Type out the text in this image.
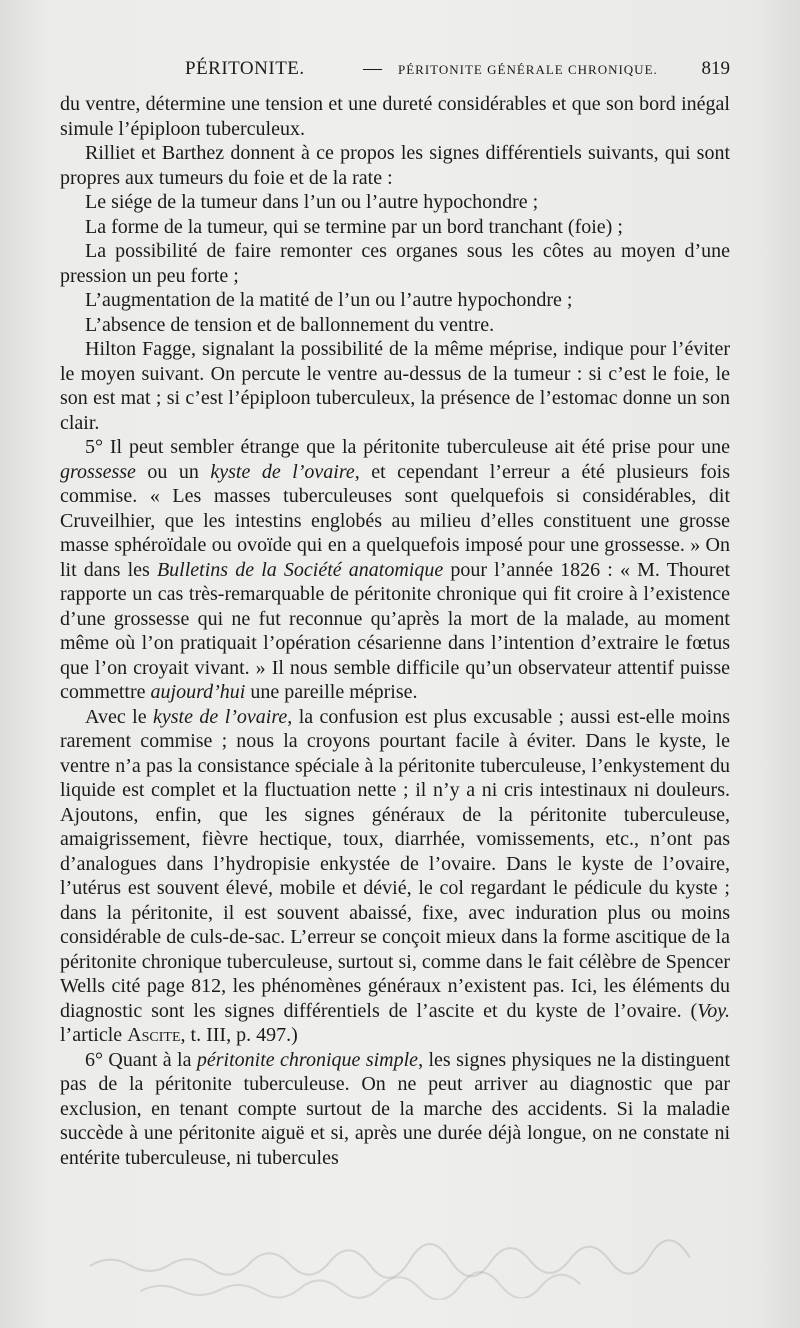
PÉRITONITE.	— PÉRITONITE GÉNÉRALE CHRONIQUE. 819

du ventre, détermine une tension et une dureté considérables et que son bord inégal simule l’épiploon tuberculeux.

Rilliet et Barthez donnent à ce propos les signes différentiels suivants, qui sont propres aux tumeurs du foie et de la rate :

Le siége de la tumeur dans l’un ou l’autre hypochondre ;

La forme de la tumeur, qui se termine par un bord tranchant (foie) ;

La possibilité de faire remonter ces organes sous les côtes au moyen d’une pression un peu forte ;

L’augmentation de la matité de l’un ou l’autre hypochondre ;

L’absence de tension et de ballonnement du ventre.

Hilton Fagge, signalant la possibilité de la même méprise, indique pour l’éviter le moyen suivant. On percute le ventre au-dessus de la tumeur : si c’est le foie, le son est mat ; si c’est l’épiploon tuberculeux, la présence de l’estomac donne un son clair.

5° Il peut sembler étrange que la péritonite tuberculeuse ait été prise pour une grossesse ou un kyste de l’ovaire, et cependant l’erreur a été plusieurs fois commise. « Les masses tuberculeuses sont quelquefois si considérables, dit Cruveilhier, que les intestins englobés au milieu d’elles constituent une grosse masse sphéroïdale ou ovoïde qui en a quelquefois imposé pour une grossesse. » On lit dans les Bulletins de la Société anatomique pour l’année 1826 : « M. Thouret rapporte un cas très-remarquable de péritonite chronique qui fit croire à l’existence d’une grossesse qui ne fut reconnue qu’après la mort de la malade, au moment même où l’on pratiquait l’opération césarienne dans l’intention d’extraire le fœtus que l’on croyait vivant. » Il nous semble difficile qu’un observateur attentif puisse commettre aujourd’hui une pareille méprise.

Avec le kyste de l’ovaire, la confusion est plus excusable ; aussi est-elle moins rarement commise ; nous la croyons pourtant facile à éviter. Dans le kyste, le ventre n’a pas la consistance spéciale à la péritonite tuberculeuse, l’enkystement du liquide est complet et la fluctuation nette ; il n’y a ni cris intestinaux ni douleurs. Ajoutons, enfin, que les signes généraux de la péritonite tuberculeuse, amaigrissement, fièvre hectique, toux, diarrhée, vomissements, etc., n’ont pas d’analogues dans l’hydropisie enkystée de l’ovaire. Dans le kyste de l’ovaire, l’utérus est souvent élevé, mobile et dévié, le col regardant le pédicule du kyste ; dans la péritonite, il est souvent abaissé, fixe, avec induration plus ou moins considérable de culs-de-sac. L’erreur se conçoit mieux dans la forme ascitique de la péritonite chronique tuberculeuse, surtout si, comme dans le fait célèbre de Spencer Wells cité page 812, les phénomènes généraux n’existent pas. Ici, les éléments du diagnostic sont les signes différentiels de l’ascite et du kyste de l’ovaire. (Voy. l’article Ascite, t. III, p. 497.)

6° Quant à la péritonite chronique simple, les signes physiques ne la distinguent pas de la péritonite tuberculeuse. On ne peut arriver au diagnostic que par exclusion, en tenant compte surtout de la marche des accidents. Si la maladie succède à une péritonite aiguë et si, après une durée déjà longue, on ne constate ni entérite tuberculeuse, ni tubercules
